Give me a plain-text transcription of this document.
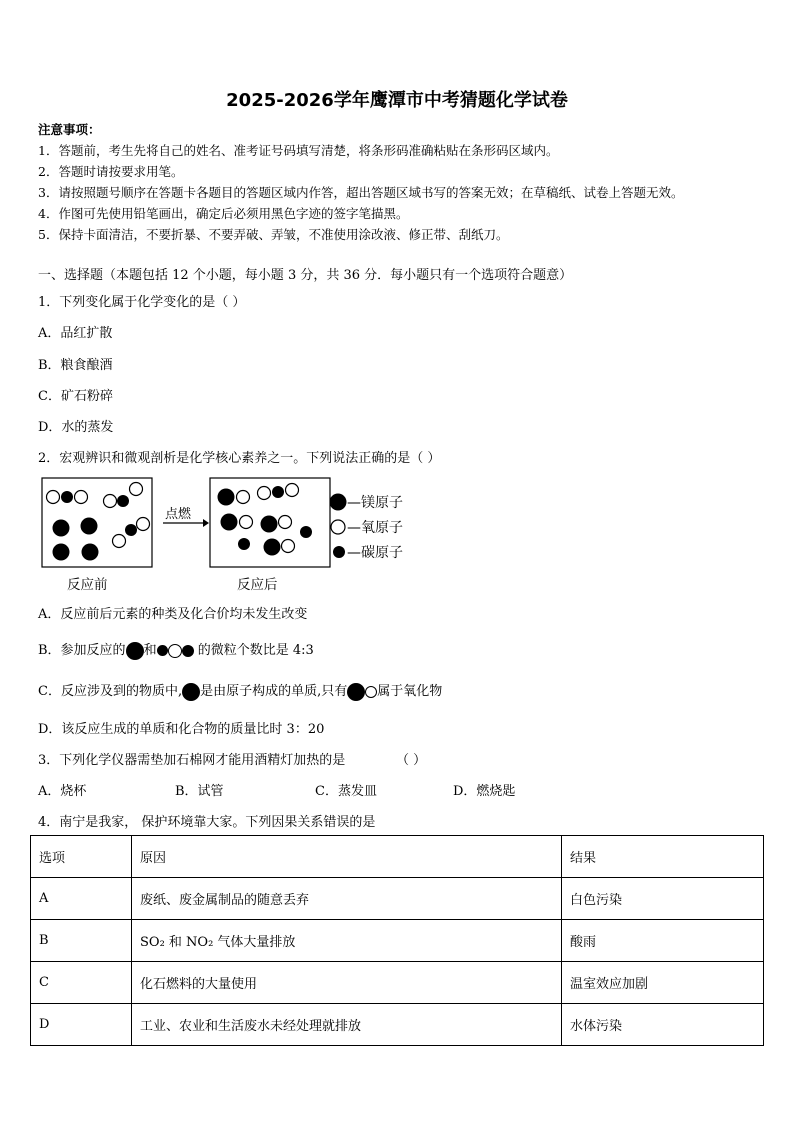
2025-2026学年鹰潭市中考猜题化学试卷
注意事项：
1．答题前，考生先将自己的姓名、准考证号码填写清楚，将条形码准确粘贴在条形码区域内。
2．答题时请按要求用笔。
3．请按照题号顺序在答题卡各题目的答题区域内作答，超出答题区域书写的答案无效；在草稿纸、试卷上答题无效。
4．作图可先使用铅笔画出，确定后必须用黑色字迹的签字笔描黑。
5．保持卡面清洁，不要折暴、不要弄破、弄皱，不准使用涂改液、修正带、刮纸刀。
一、选择题（本题包括 12 个小题，每小题 3 分，共 36 分．每小题只有一个选项符合题意）
1．下列变化属于化学变化的是（ ）
A．品红扩散
B．粮食酿酒
C．矿石粉碎
D．水的蒸发
2．宏观辨识和微观剖析是化学核心素养之一。下列说法正确的是（ ）
点燃
反应前	反应后
—镁原子
—氧原子
—碳原子
A．反应前后元素的种类及化合价均未发生改变
B．参加反应的 和	的微粒个数比是 4:3
C．反应涉及到的物质中, 是由原子构成的单质,只有 属于氧化物
D．该反应生成的单质和化合物的质量比时 3：20
3．下列化学仪器需垫加石棉网才能用酒精灯加热的是	（ ）
A．烧杯	B．试管	C．蒸发皿	D．燃烧匙
4．南宁是我家， 保护环境靠大家。下列因果关系错误的是
选项	原因	结果
A	废纸、废金属制品的随意丢弃	白色污染
B	SO₂ 和 NO₂ 气体大量排放	酸雨
C	化石燃料的大量使用	温室效应加剧
D	工业、农业和生活废水未经处理就排放	水体污染
